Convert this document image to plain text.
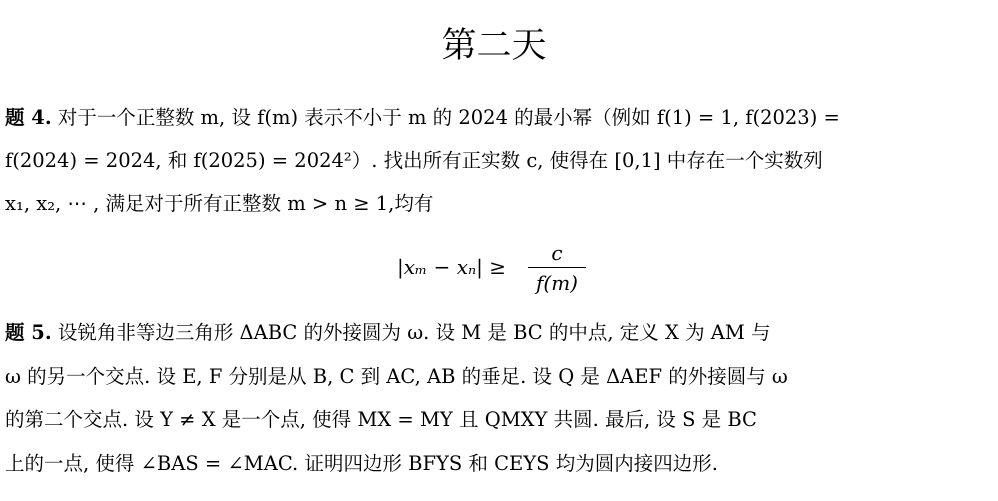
第二天
题 4. 对于一个正整数 m, 设 f(m) 表示不小于 m 的 2024 的最小幂（例如 f(1) = 1, f(2023) =
f(2024) = 2024, 和 f(2025) = 2024²）. 找出所有正实数 c, 使得在 [0,1] 中存在一个实数列
x₁, x₂, ⋯ , 满足对于所有正整数 m > n ≥ 1,均有
|xₘ − xₙ| ≥
c
f(m)
题 5. 设锐角非等边三角形 ΔABC 的外接圆为 ω. 设 M 是 BC 的中点, 定义 X 为 AM 与
ω 的另一个交点. 设 E, F 分别是从 B, C 到 AC, AB 的垂足. 设 Q 是 ΔAEF 的外接圆与 ω
的第二个交点. 设 Y ≠ X 是一个点, 使得 MX = MY 且 QMXY 共圆. 最后, 设 S 是 BC
上的一点, 使得 ∠BAS = ∠MAC. 证明四边形 BFYS 和 CEYS 均为圆内接四边形.
